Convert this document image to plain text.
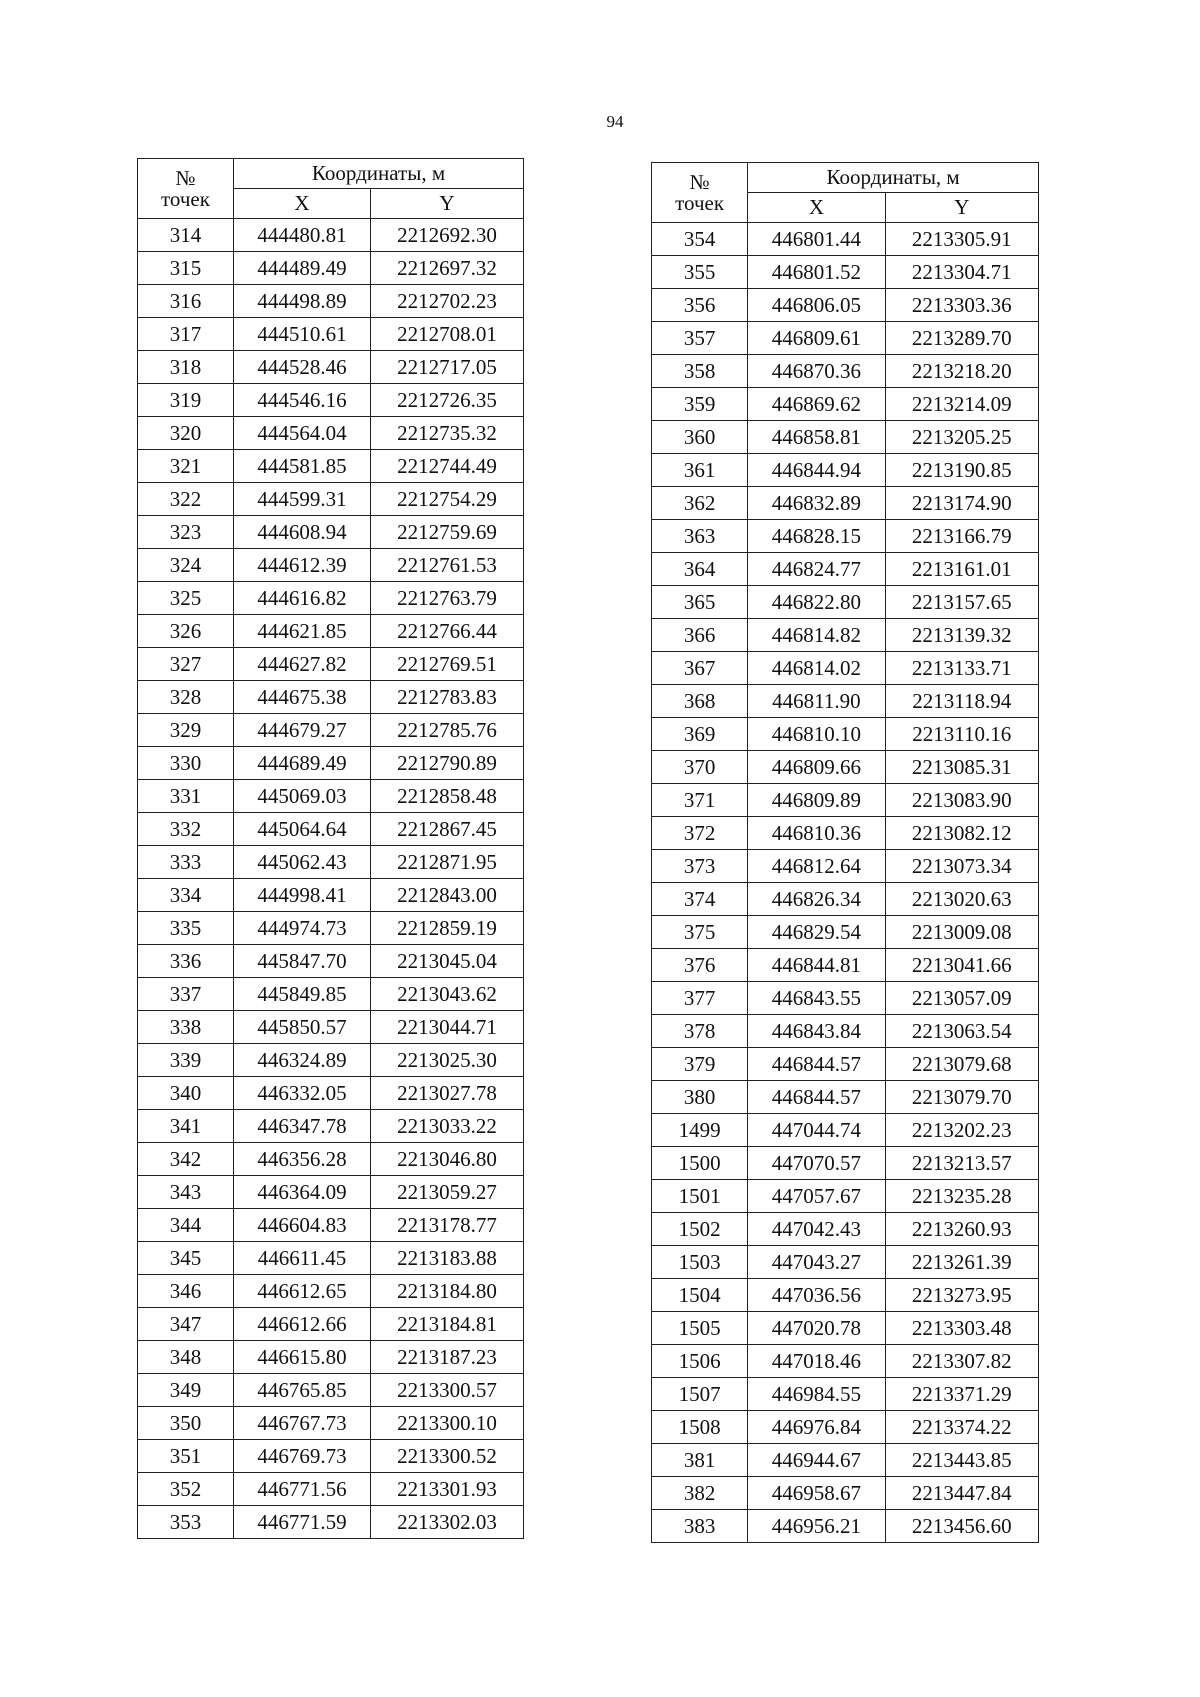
94
№
точек	Координаты, м	
	X	Y
314	444480.81	2212692.30
315	444489.49	2212697.32
316	444498.89	2212702.23
317	444510.61	2212708.01
318	444528.46	2212717.05
319	444546.16	2212726.35
320	444564.04	2212735.32
321	444581.85	2212744.49
322	444599.31	2212754.29
323	444608.94	2212759.69
324	444612.39	2212761.53
325	444616.82	2212763.79
326	444621.85	2212766.44
327	444627.82	2212769.51
328	444675.38	2212783.83
329	444679.27	2212785.76
330	444689.49	2212790.89
331	445069.03	2212858.48
332	445064.64	2212867.45
333	445062.43	2212871.95
334	444998.41	2212843.00
335	444974.73	2212859.19
336	445847.70	2213045.04
337	445849.85	2213043.62
338	445850.57	2213044.71
339	446324.89	2213025.30
340	446332.05	2213027.78
341	446347.78	2213033.22
342	446356.28	2213046.80
343	446364.09	2213059.27
344	446604.83	2213178.77
345	446611.45	2213183.88
346	446612.65	2213184.80
347	446612.66	2213184.81
348	446615.80	2213187.23
349	446765.85	2213300.57
350	446767.73	2213300.10
351	446769.73	2213300.52
352	446771.56	2213301.93
353	446771.59	2213302.03
№
точек	Координаты, м	
	X	Y
354	446801.44	2213305.91
355	446801.52	2213304.71
356	446806.05	2213303.36
357	446809.61	2213289.70
358	446870.36	2213218.20
359	446869.62	2213214.09
360	446858.81	2213205.25
361	446844.94	2213190.85
362	446832.89	2213174.90
363	446828.15	2213166.79
364	446824.77	2213161.01
365	446822.80	2213157.65
366	446814.82	2213139.32
367	446814.02	2213133.71
368	446811.90	2213118.94
369	446810.10	2213110.16
370	446809.66	2213085.31
371	446809.89	2213083.90
372	446810.36	2213082.12
373	446812.64	2213073.34
374	446826.34	2213020.63
375	446829.54	2213009.08
376	446844.81	2213041.66
377	446843.55	2213057.09
378	446843.84	2213063.54
379	446844.57	2213079.68
380	446844.57	2213079.70
1499	447044.74	2213202.23
1500	447070.57	2213213.57
1501	447057.67	2213235.28
1502	447042.43	2213260.93
1503	447043.27	2213261.39
1504	447036.56	2213273.95
1505	447020.78	2213303.48
1506	447018.46	2213307.82
1507	446984.55	2213371.29
1508	446976.84	2213374.22
381	446944.67	2213443.85
382	446958.67	2213447.84
383	446956.21	2213456.60
